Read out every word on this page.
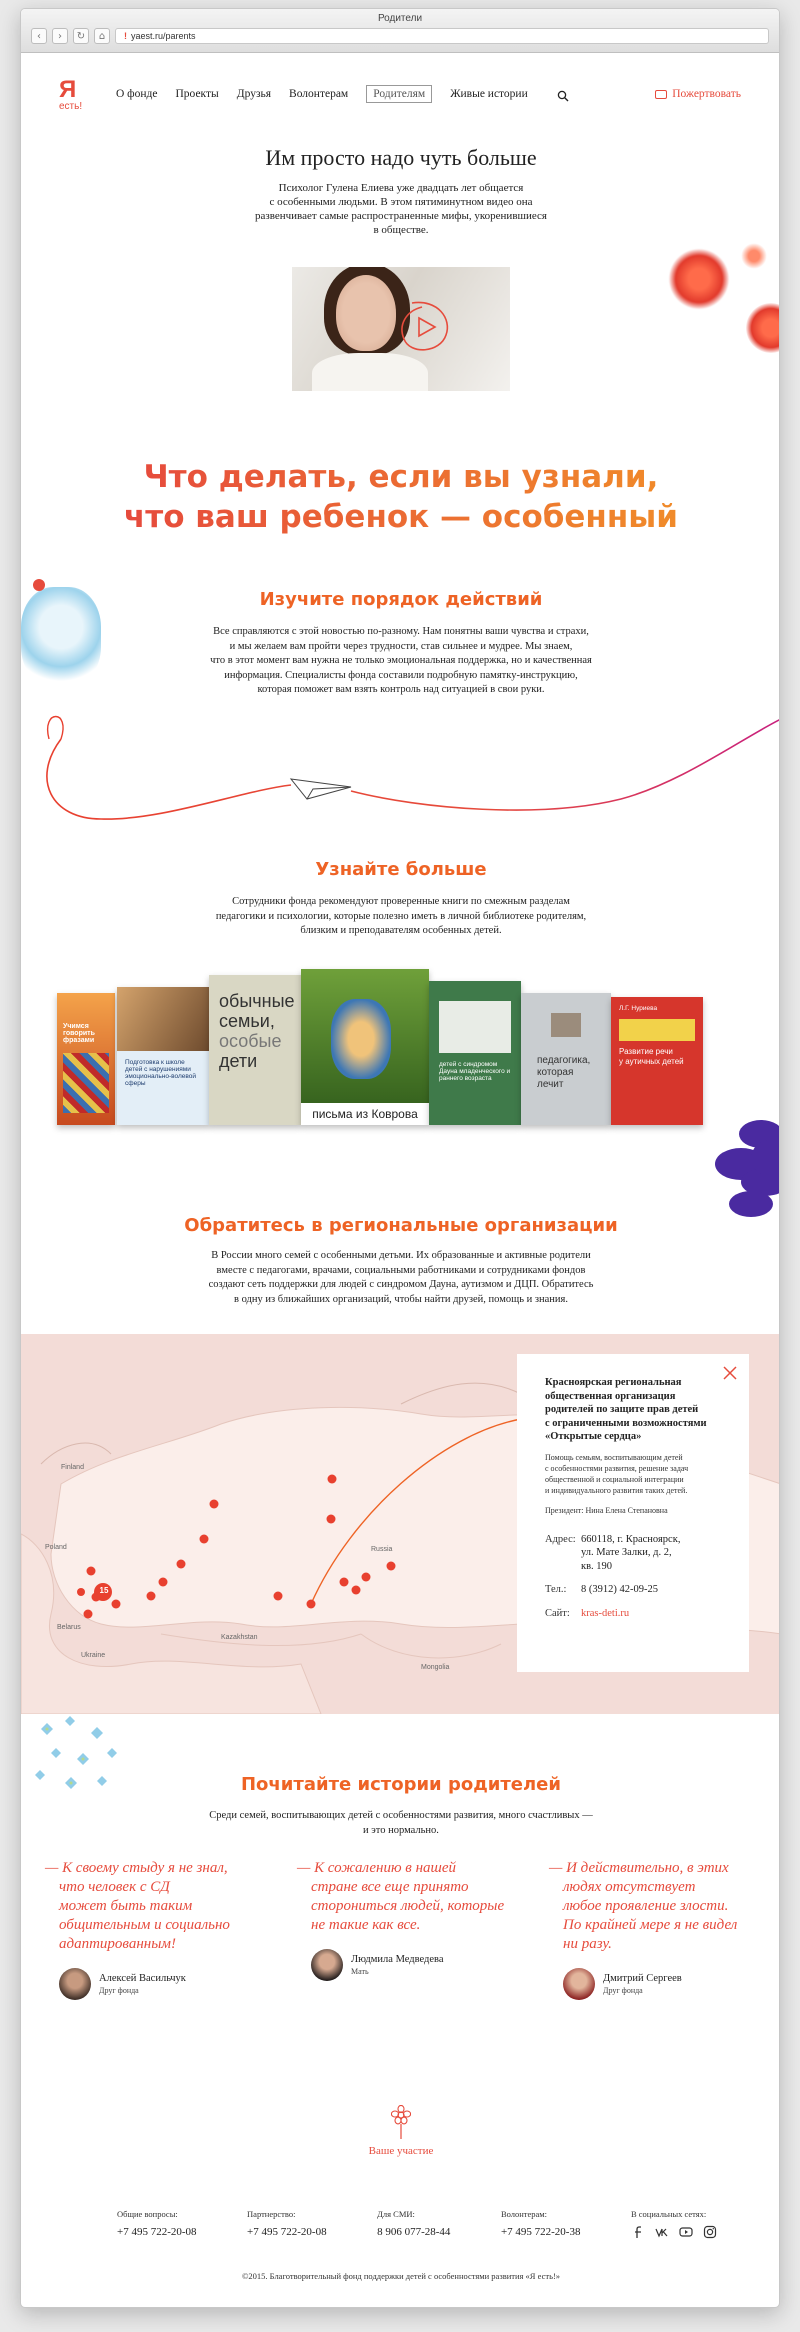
Родители
‹	›	↻	⌂	! yaest.ru/parents
Я
есть!
О фонде Проекты Друзья Волонтерам	Родителям	Живые истории	Пожертвовать
Им просто надо чуть больше
Психолог Гулена Елиева уже двадцать лет общается
с особенными людьми. В этом пятиминутном видео она
развенчивает самые распространенные мифы, укоренившиеся
в обществе.
Что делать, если вы узнали,
что ваш ребенок — особенный
Изучите порядок действий
Все справляются с этой новостью по-разному. Нам понятны ваши чувства и страхи,
и мы желаем вам пройти через трудности, став сильнее и мудрее. Мы знаем,
что в этот момент вам нужна не только эмоциональная поддержка, но и качественная
информация. Специалисты фонда составили подробную памятку-инструкцию,
которая поможет вам взять контроль над ситуацией в свои руки.
Узнайте больше
Сотрудники фонда рекомендуют проверенные книги по смежным разделам
педагогики и психологии, которые полезно иметь в личной библиотеке родителям,
близким и преподавателям особенных детей.
Учимся говорить фразами
Подготовка к школе детей с нарушениями эмоционально-волевой сферы
обычные
семьи,
особые
дети
письма из Коврова
детей с синдромом Дауна младенческого и раннего возраста
педагогика,
которая
лечит
Л.Г. Нуриева
Развитие речи
у аутичных детей
Обратитесь в региональные организации
В России много семей с особенными детьми. Их образованные и активные родители
вместе с педагогами, врачами, социальными работниками и сотрудниками фондов
создают сеть поддержки для людей с синдромом Дауна, аутизмом и ДЦП. Обратитесь
в одну из ближайших организаций, чтобы найти друзей, помощь и знания.
15
Poland
Finland
Russia
Kazakhstan
Belarus
Ukraine
Mongolia
Красноярская региональная
общественная организация
родителей по защите прав детей
с ограниченными возможностями
«Открытые сердца»
Помощь семьям, воспитывающим детей
с особенностями развития, решение задач
общественной и социальной интеграции
и индивидуального развития таких детей.
Президент: Нина Елена Степановна
Адрес: 660118, г. Красноярск,
ул. Мате Залки, д. 2,
кв. 190
Тел.:	8 (3912) 42-09-25
Сайт:	kras-deti.ru
Почитайте истории родителей
Среди семей, воспитывающих детей с особенностями развития, много счастливых —
и это нормально.
— К своему стыду я не знал,
что человек с СД
может быть таким
общительным и социально
адаптированным!
Алексей Васильчук
Друг фонда
— К сожалению в нашей
стране все еще принято
сторониться людей, которые
не такие как все.
Людмила Медведева
Мать
— И действительно, в этих
людях отсутствует
любое проявление злости.
По крайней мере я не видел
ни разу.
Дмитрий Сергеев
Друг фонда
Ваше участие
Общие вопросы:
+7 495 722-20-08
Партнерство:
+7 495 722-20-08
Для СМИ:
8 906 077-28-44
Волонтерам:
+7 495 722-20-38
В социальных сетях:
©2015. Благотворительный фонд поддержки детей с особенностями развития «Я есть!»
